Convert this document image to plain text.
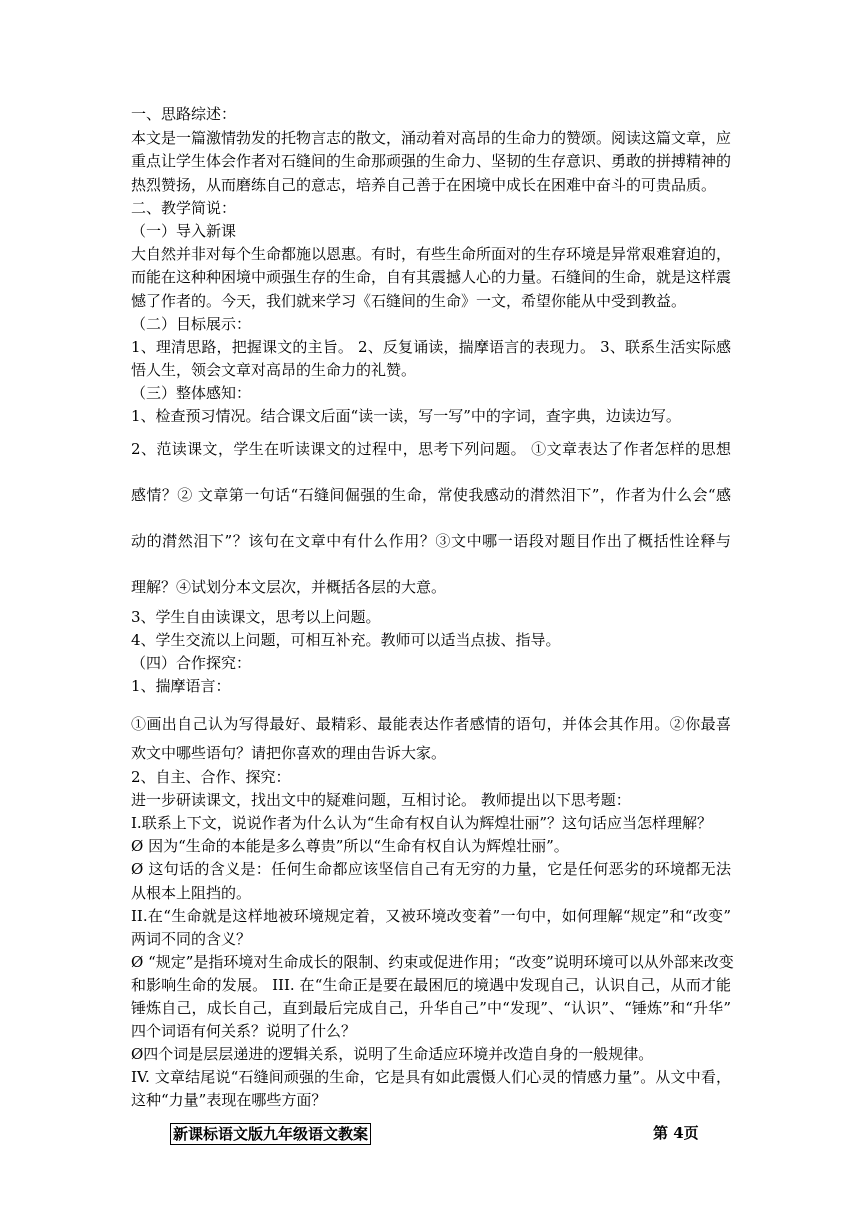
一、思路综述：
本文是一篇激情勃发的托物言志的散文，涌动着对高昂的生命力的赞颂。阅读这篇文章，应
重点让学生体会作者对石缝间的生命那顽强的生命力、坚韧的生存意识、勇敢的拼搏精神的
热烈赞扬，从而磨练自己的意志，培养自己善于在困境中成长在困难中奋斗的可贵品质。
二、教学简说：
（一）导入新课
大自然并非对每个生命都施以恩惠。有时，有些生命所面对的生存环境是异常艰难窘迫的，
而能在这种种困境中顽强生存的生命，自有其震撼人心的力量。石缝间的生命，就是这样震
憾了作者的。今天，我们就来学习《石缝间的生命》一文，希望你能从中受到教益。
（二）目标展示：
1、理清思路，把握课文的主旨。 2、反复诵读，揣摩语言的表现力。 3、联系生活实际感
悟人生，领会文章对高昂的生命力的礼赞。
（三）整体感知：
1、检查预习情况。结合课文后面“读一读，写一写”中的字词，查字典，边读边写。
2、范读课文，学生在听读课文的过程中，思考下列问题。 ①文章表达了作者怎样的思想
感情？② 文章第一句话“石缝间倔强的生命，常使我感动的潸然泪下”，作者为什么会“感
动的潸然泪下”？该句在文章中有什么作用？③文中哪一语段对题目作出了概括性诠释与
理解？④试划分本文层次，并概括各层的大意。
3、学生自由读课文，思考以上问题。
4、学生交流以上问题，可相互补充。教师可以适当点拔、指导。
（四）合作探究：
1、揣摩语言：
①画出自己认为写得最好、最精彩、最能表达作者感情的语句，并体会其作用。②你最喜
欢文中哪些语句？请把你喜欢的理由告诉大家。
2、自主、合作、探究：
进一步研读课文，找出文中的疑难问题，互相讨论。 教师提出以下思考题：
I.联系上下文，说说作者为什么认为“生命有权自认为辉煌壮丽”？这句话应当怎样理解？
Ø 因为“生命的本能是多么尊贵”所以“生命有权自认为辉煌壮丽”。
Ø 这句话的含义是：任何生命都应该坚信自己有无穷的力量，它是任何恶劣的环境都无法
从根本上阻挡的。
II.在“生命就是这样地被环境规定着，又被环境改变着”一句中，如何理解“规定”和“改变”
两词不同的含义？
Ø “规定”是指环境对生命成长的限制、约束或促进作用；“改变”说明环境可以从外部来改变
和影响生命的发展。 III. 在“生命正是要在最困厄的境遇中发现自己，认识自己，从而才能
锤炼自己，成长自己，直到最后完成自己，升华自己”中“发现”、“认识”、“锤炼”和“升华”
四个词语有何关系？说明了什么？
Ø四个词是层层递进的逻辑关系，说明了生命适应环境并改造自身的一般规律。
IV. 文章结尾说“石缝间顽强的生命，它是具有如此震慑人们心灵的情感力量”。从文中看，
这种“力量”表现在哪些方面？
新课标语文版九年级语文教案	第 4页
